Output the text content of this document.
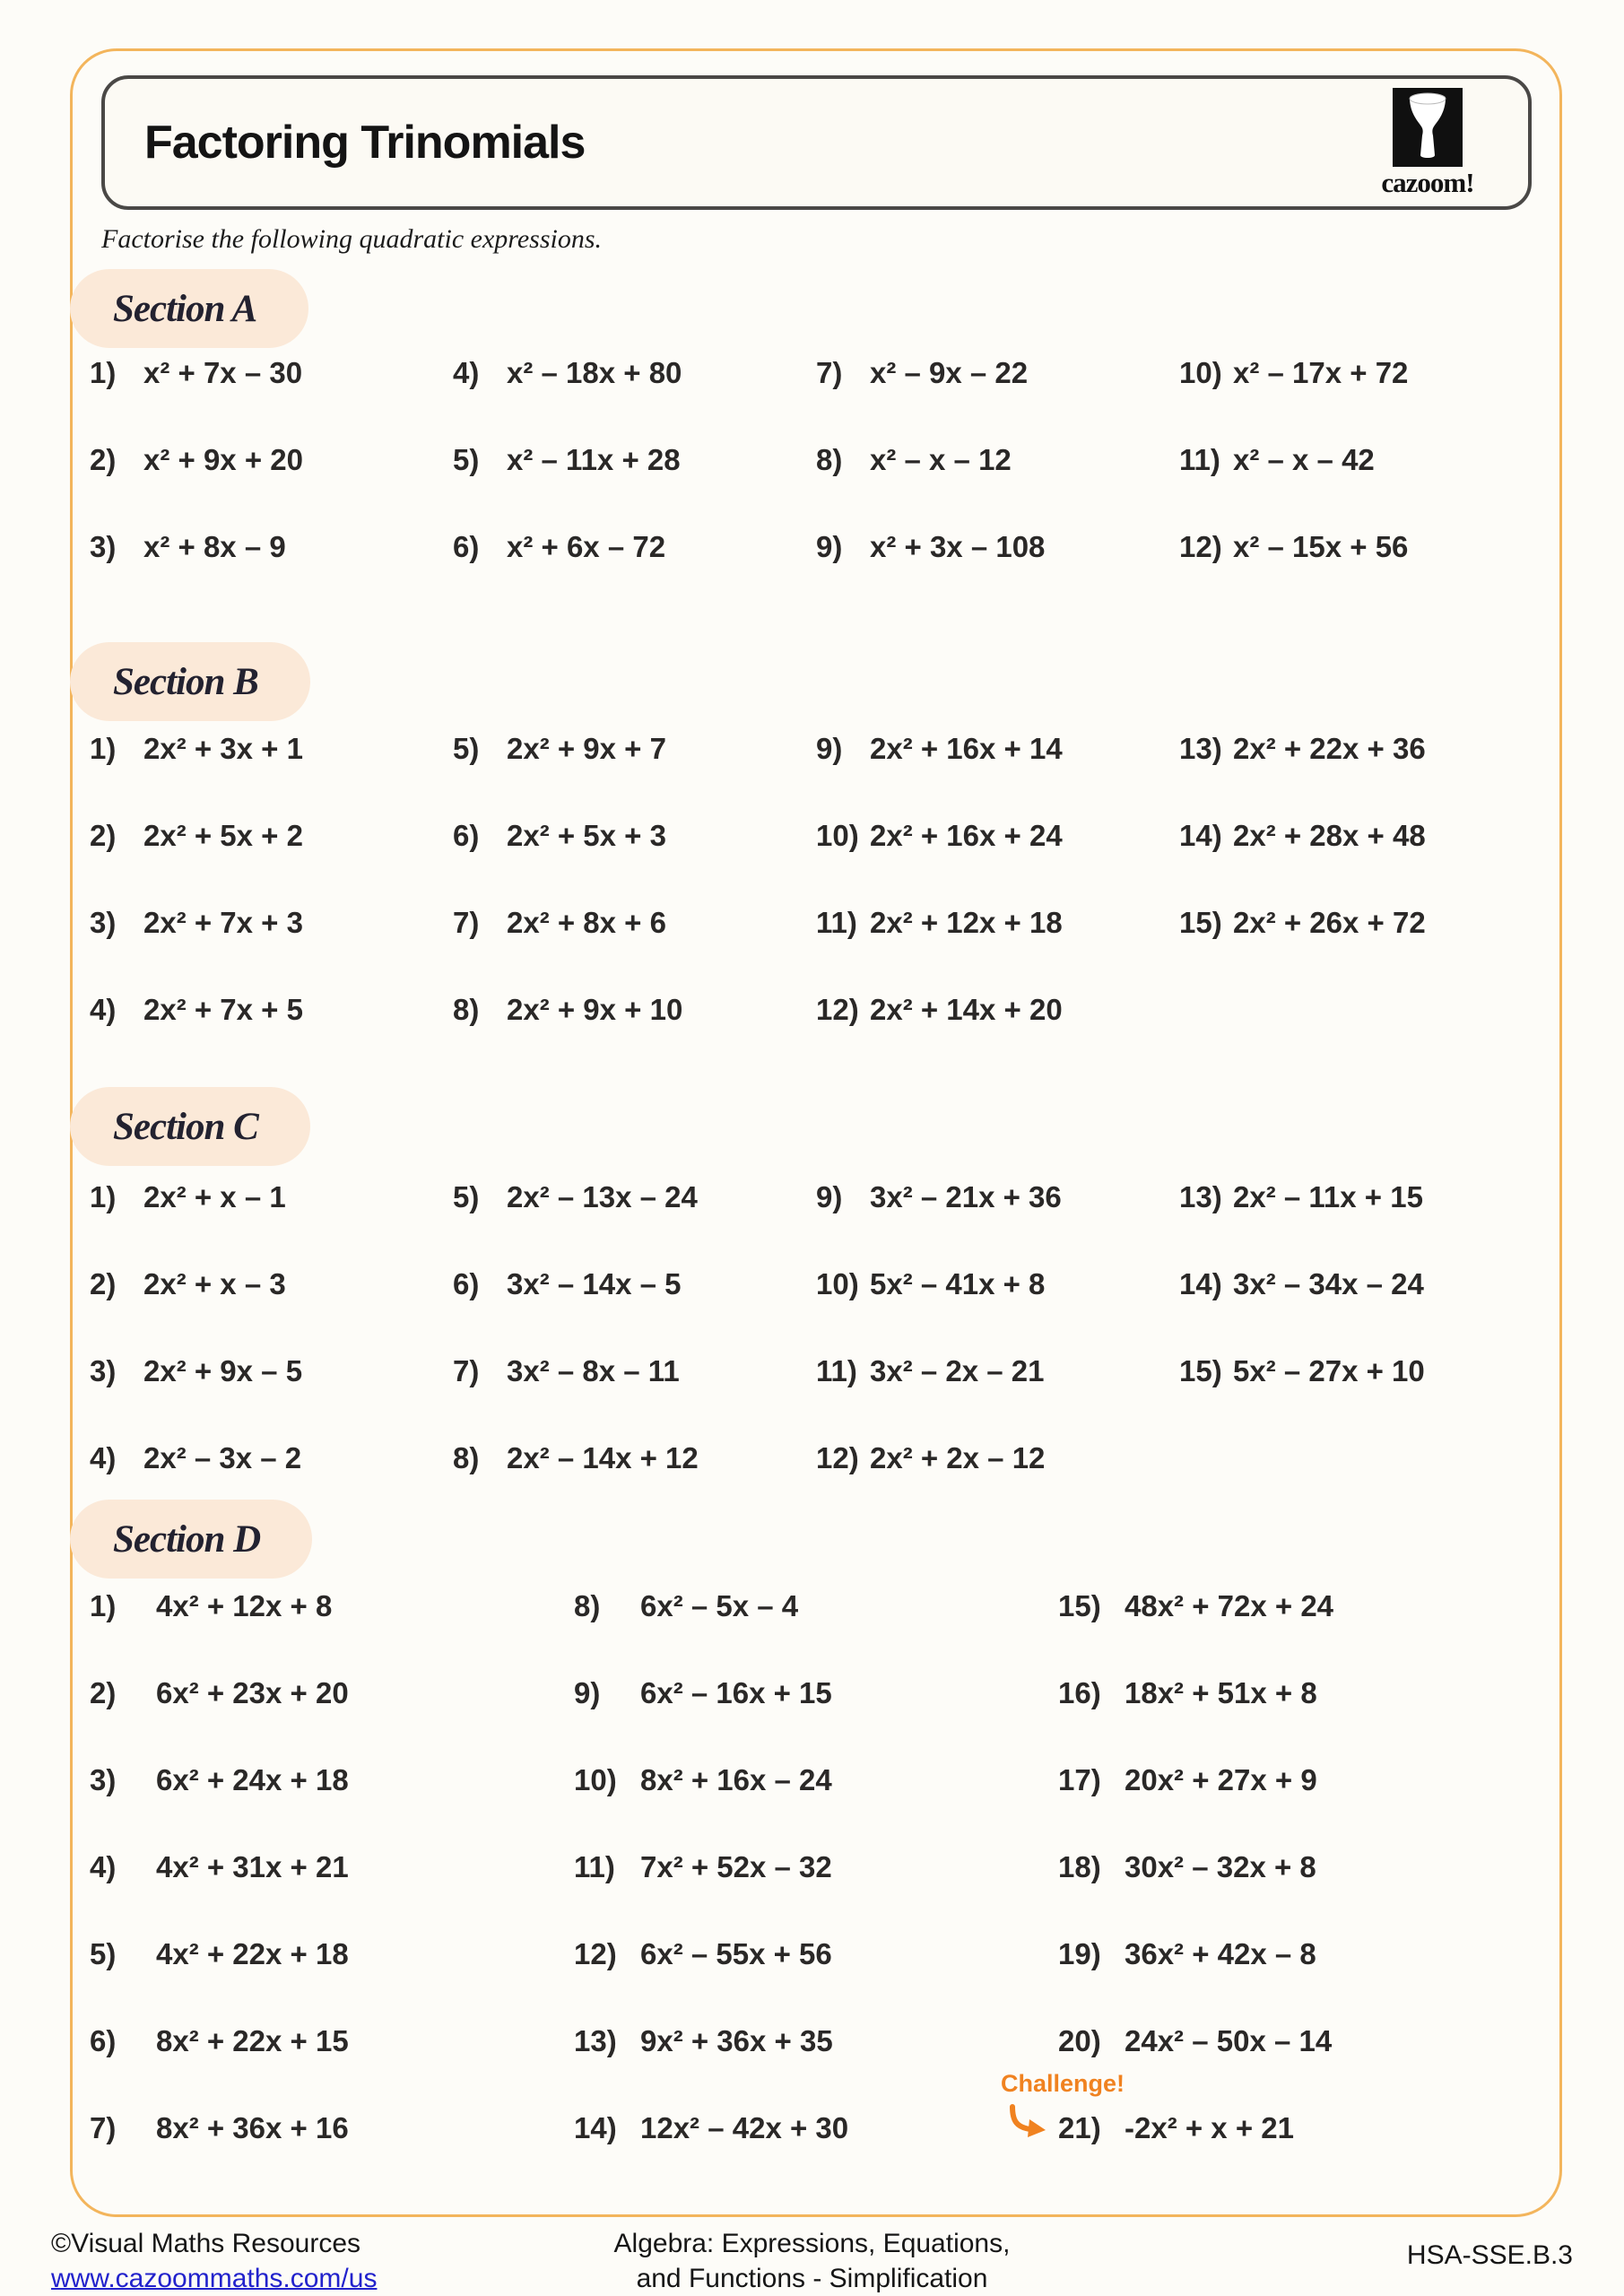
Factoring Trinomials
cazoom!
Factorise the following quadratic expressions.
Section A
1) x² + 7x – 30
2) x² + 9x + 20
3) x² + 8x – 9
4) x² – 18x + 80
5) x² – 11x + 28
6) x² + 6x – 72
7) x² – 9x – 22
8) x² – x – 12
9) x² + 3x – 108
10) x² – 17x + 72
11) x² – x – 42
12) x² – 15x + 56
Section B
1) 2x² + 3x + 1
2) 2x² + 5x + 2
3) 2x² + 7x + 3
4) 2x² + 7x + 5
5) 2x² + 9x + 7
6) 2x² + 5x + 3
7) 2x² + 8x + 6
8) 2x² + 9x + 10
9) 2x² + 16x + 14
10) 2x² + 16x + 24
11) 2x² + 12x + 18
12) 2x² + 14x + 20
13) 2x² + 22x + 36
14) 2x² + 28x + 48
15) 2x² + 26x + 72
Section C
1) 2x² + x – 1
2) 2x² + x – 3
3) 2x² + 9x – 5
4) 2x² – 3x – 2
5) 2x² – 13x – 24
6) 3x² – 14x – 5
7) 3x² – 8x – 11
8) 2x² – 14x + 12
9) 3x² – 21x + 36
10) 5x² – 41x + 8
11) 3x² – 2x – 21
12) 2x² + 2x – 12
13) 2x² – 11x + 15
14) 3x² – 34x – 24
15) 5x² – 27x + 10
Section D
1)	4x² + 12x + 8
2)	6x² + 23x + 20
3)	6x² + 24x + 18
4)	4x² + 31x + 21
5)	4x² + 22x + 18
6)	8x² + 22x + 15
7)	8x² + 36x + 16
8)	6x² – 5x – 4
9)	6x² – 16x + 15
10) 8x² + 16x – 24
11) 7x² + 52x – 32
12) 6x² – 55x + 56
13) 9x² + 36x + 35
14) 12x² – 42x + 30
15) 48x² + 72x + 24
16) 18x² + 51x + 8
17) 20x² + 27x + 9
18) 30x² – 32x + 8
19) 36x² + 42x – 8
20) 24x² – 50x – 14
Challenge!
21) -2x² + x + 21
©Visual Maths Resources
www.cazoommaths.com/us
Algebra: Expressions, Equations,
and Functions - Simplification
HSA-SSE.B.3
